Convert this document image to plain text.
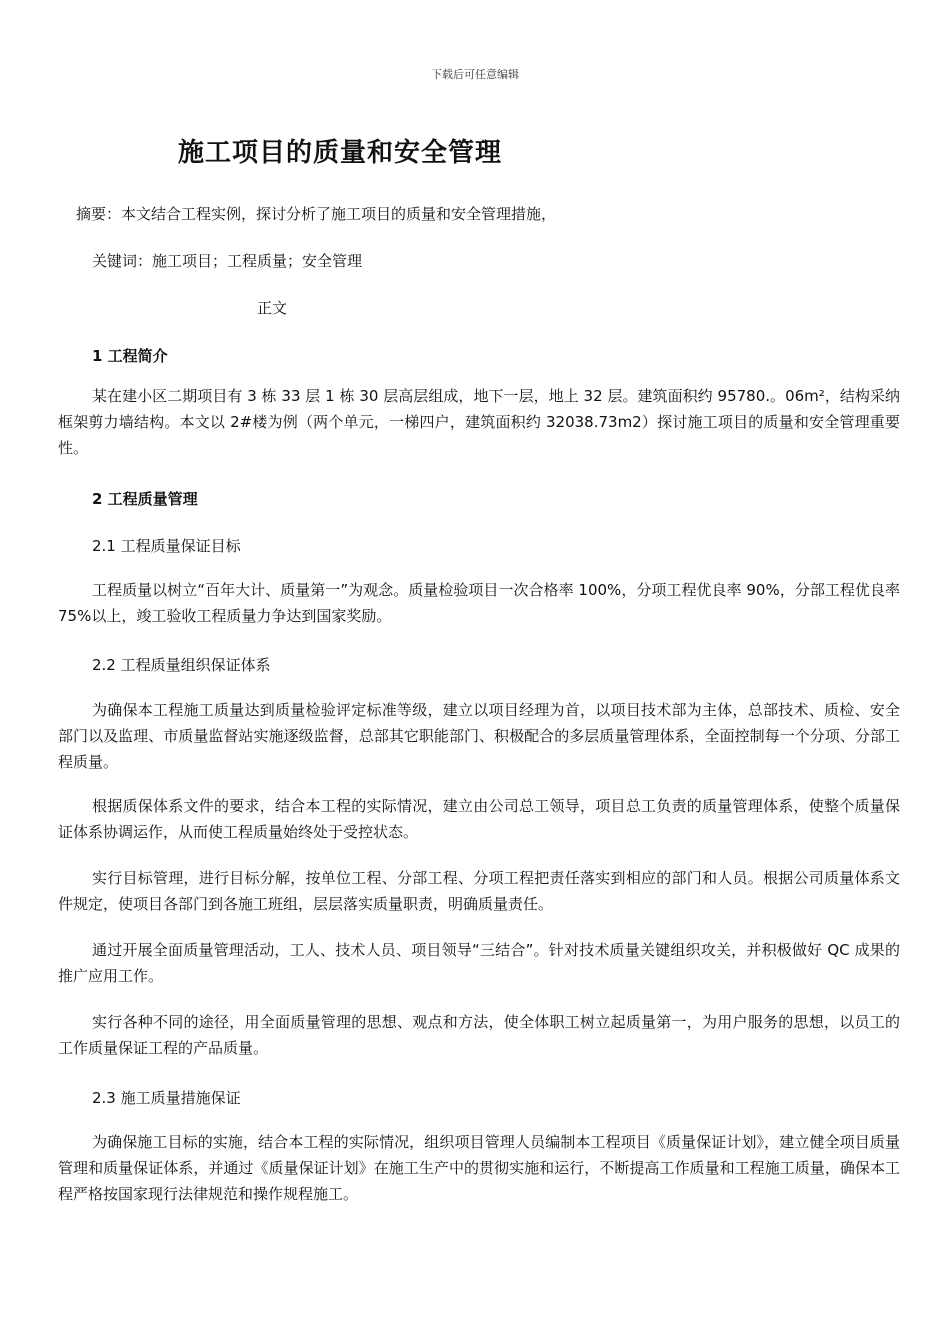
下载后可任意编辑
施工项目的质量和安全管理
摘要：本文结合工程实例，探讨分析了施工项目的质量和安全管理措施，
关键词：施工项目；工程质量；安全管理
正文
1 工程简介
某在建小区二期项目有 3 栋 33 层 1 栋 30 层高层组成，地下一层，地上 32 层。建筑面积约 95780.。06m²，结构采纳框架剪力墙结构。本文以 2#楼为例（两个单元，一梯四户，建筑面积约 32038.73m2）探讨施工项目的质量和安全管理重要性。
2 工程质量管理
2.1 工程质量保证目标
工程质量以树立“百年大计、质量第一”为观念。质量检验项目一次合格率 100%，分项工程优良率 90%，分部工程优良率 75%以上，竣工验收工程质量力争达到国家奖励。
2.2 工程质量组织保证体系
为确保本工程施工质量达到质量检验评定标准等级，建立以项目经理为首，以项目技术部为主体，总部技术、质检、安全部门以及监理、市质量监督站实施逐级监督，总部其它职能部门、积极配合的多层质量管理体系，全面控制每一个分项、分部工程质量。
根据质保体系文件的要求，结合本工程的实际情况，建立由公司总工领导，项目总工负责的质量管理体系，使整个质量保证体系协调运作，从而使工程质量始终处于受控状态。
实行目标管理，进行目标分解，按单位工程、分部工程、分项工程把责任落实到相应的部门和人员。根据公司质量体系文件规定，使项目各部门到各施工班组，层层落实质量职责，明确质量责任。
通过开展全面质量管理活动，工人、技术人员、项目领导“三结合”。针对技术质量关键组织攻关，并积极做好 QC 成果的推广应用工作。
实行各种不同的途径，用全面质量管理的思想、观点和方法，使全体职工树立起质量第一，为用户服务的思想，以员工的工作质量保证工程的产品质量。
2.3 施工质量措施保证
为确保施工目标的实施，结合本工程的实际情况，组织项目管理人员编制本工程项目《质量保证计划》，建立健全项目质量管理和质量保证体系，并通过《质量保证计划》在施工生产中的贯彻实施和运行，不断提高工作质量和工程施工质量，确保本工程严格按国家现行法律规范和操作规程施工。
